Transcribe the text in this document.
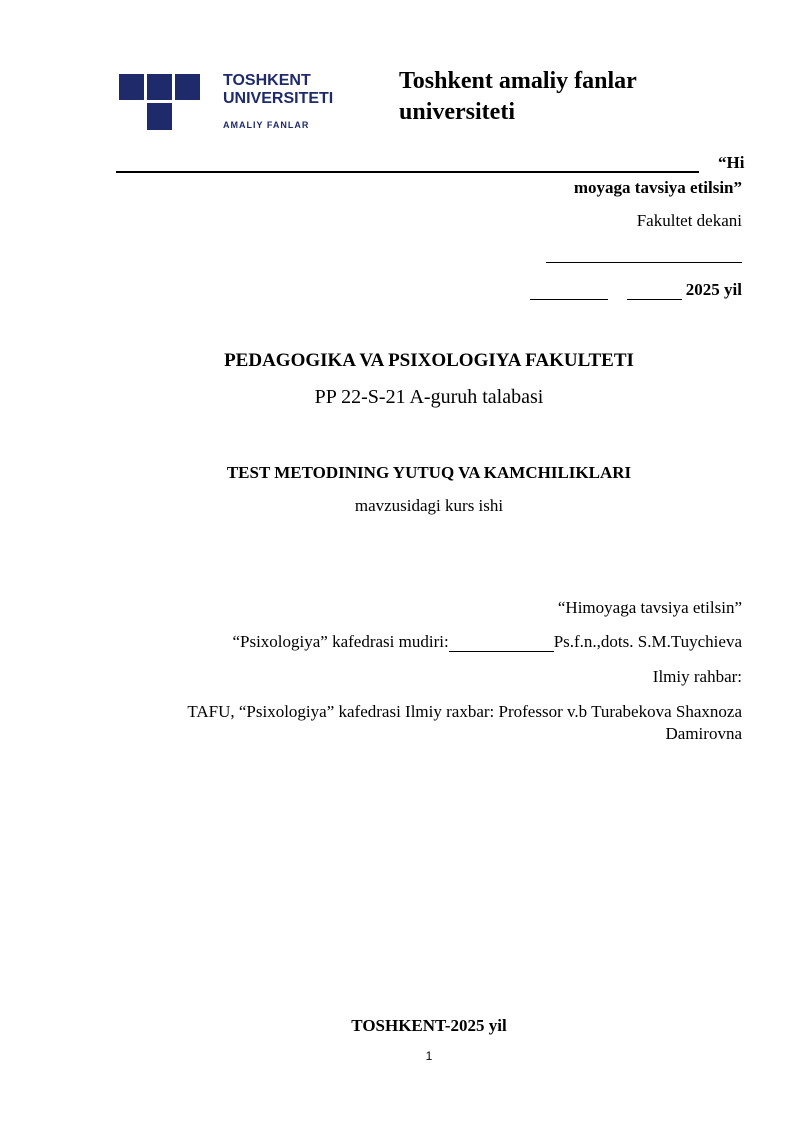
TOSHKENT
UNIVERSITETI
AMALIY FANLAR
Toshkent amaliy fanlar
universiteti
“Hi
moyaga tavsiya etilsin”
Fakultet dekani
2025 yil
PEDAGOGIKA VA PSIXOLOGIYA FAKULTETI
PP 22-S-21 A-guruh talabasi
TEST METODINING YUTUQ VA KAMCHILIKLARI
mavzusidagi kurs ishi
“Himoyaga tavsiya etilsin”
“Psixologiya” kafedrasi mudiri:	Ps.f.n.,dots. S.M.Tuychieva
Ilmiy rahbar:
TAFU, “Psixologiya” kafedrasi Ilmiy raxbar: Professor v.b Turabekova Shaxnoza
Damirovna
TOSHKENT-2025 yil
1
